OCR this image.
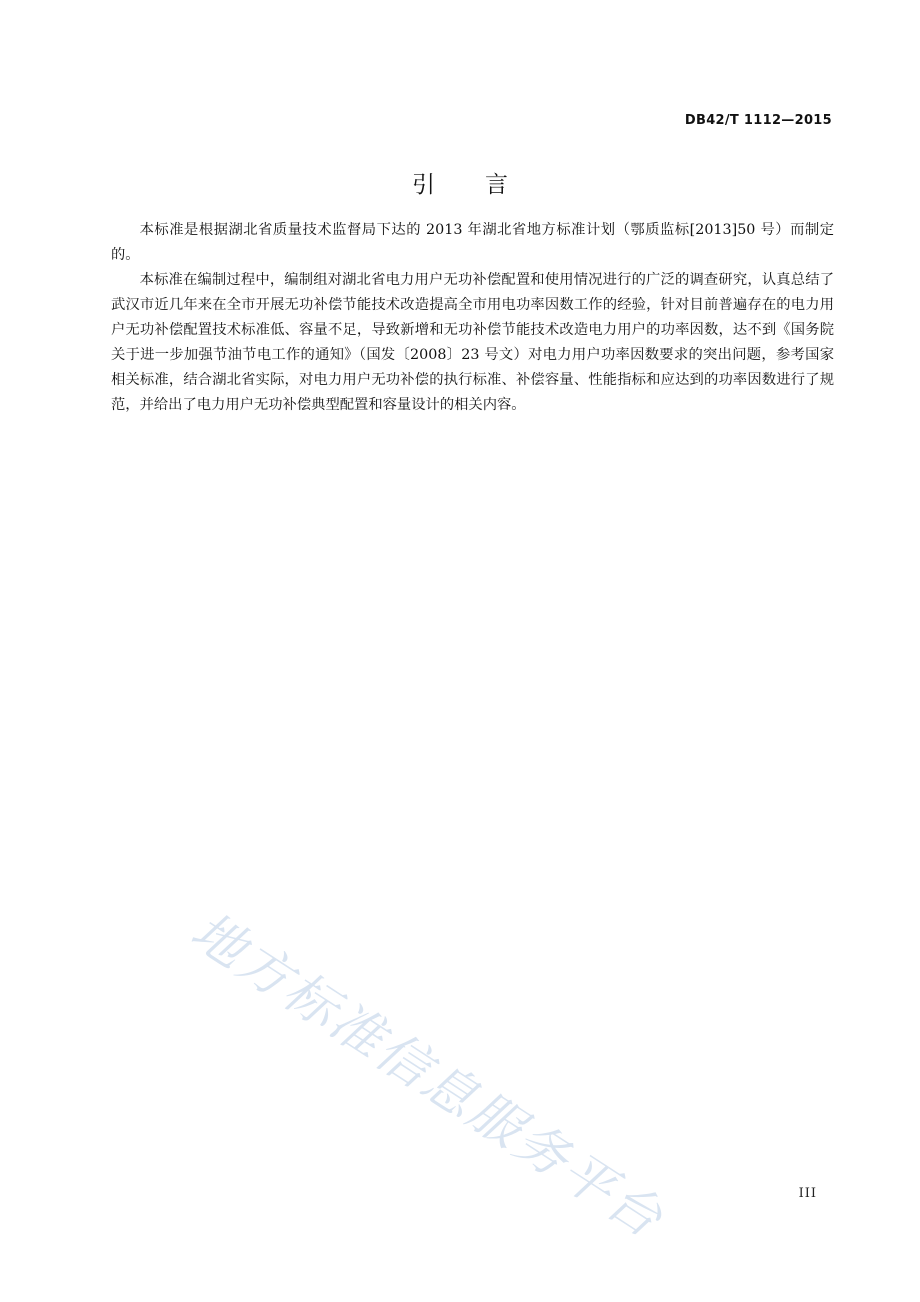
DB42/T 1112—2015
引 言

本标准是根据湖北省质量技术监督局下达的 2013 年湖北省地方标准计划（鄂质监标[2013]50 号）而制定的。

本标准在编制过程中，编制组对湖北省电力用户无功补偿配置和使用情况进行的广泛的调查研究，认真总结了武汉市近几年来在全市开展无功补偿节能技术改造提高全市用电功率因数工作的经验，针对目前普遍存在的电力用户无功补偿配置技术标准低、容量不足，导致新增和无功补偿节能技术改造电力用户的功率因数，达不到《国务院关于进一步加强节油节电工作的通知》（国发〔2008〕23 号文）对电力用户功率因数要求的突出问题，参考国家相关标准，结合湖北省实际，对电力用户无功补偿的执行标准、补偿容量、性能指标和应达到的功率因数进行了规范，并给出了电力用户无功补偿典型配置和容量设计的相关内容。

地方标准信息服务平台	III
